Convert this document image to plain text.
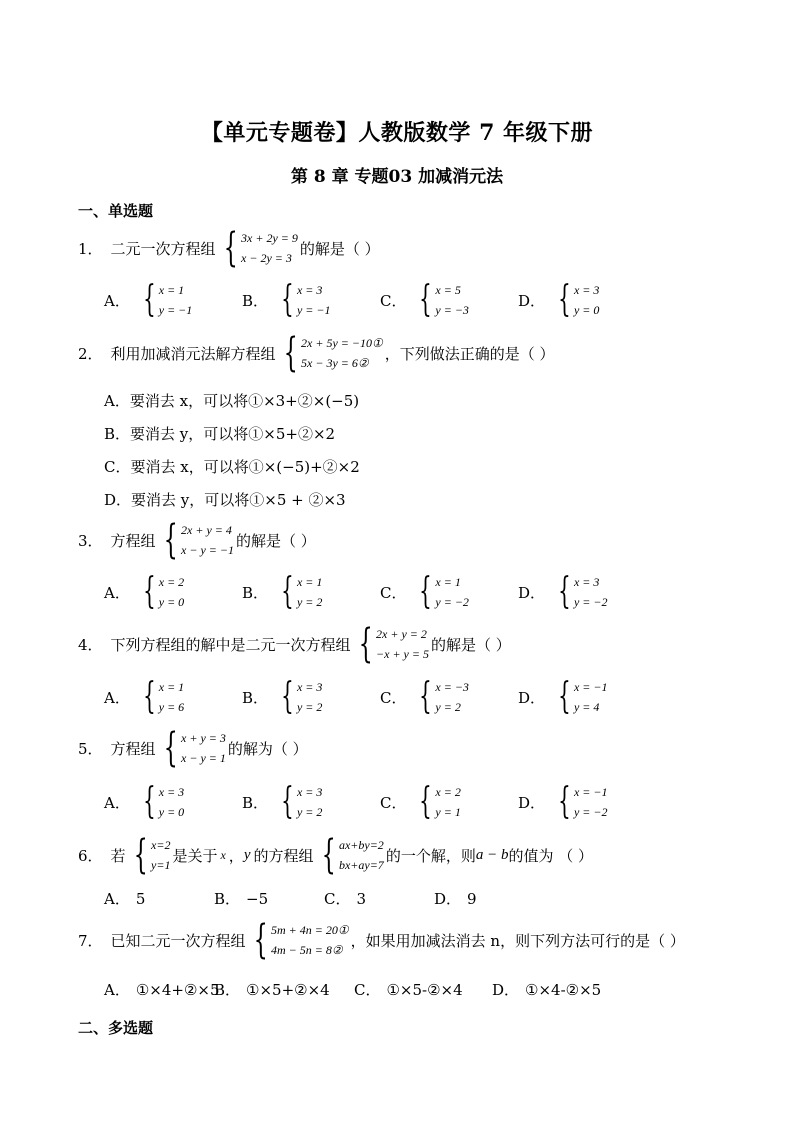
【单元专题卷】人教版数学 7 年级下册
第 8 章 专题03 加减消元法
一、单选题
1． 二元一次方程组 { 3x + 2y = 9
x − 2y = 3
的解是（ ）
A． { x = 1
y = −1
B． { x = 3
y = −1
C． { x = 5
y = −3
D． { x = 3
y = 0
2． 利用加减消元法解方程组 { 2x + 5y = −10①
5x − 3y = 6②
，下列做法正确的是（ ）
A．要消去 x，可以将①×3+②×(−5)
B．要消去 y，可以将①×5+②×2
C．要消去 x，可以将①×(−5)+②×2
D．要消去 y，可以将①×5 + ②×3
3． 方程组 { 2x + y = 4
x − y = −1
的解是（ ）
A． { x = 2
y = 0
B． { x = 1
y = 2
C． { x = 1
y = −2
D． { x = 3
y = −2
4． 下列方程组的解中是二元一次方程组 { 2x + y = 2
−x + y = 5
的解是（ ）
A． { x = 1
y = 6
B． { x = 3
y = 2
C． { x = −3
y = 2
D． { x = −1
y = 4
5． 方程组 { x + y = 3
x − y = 1
的解为（ ）
A． { x = 3
y = 0
B． { x = 3
y = 2
C． { x = 2
y = 1
D． { x = −1
y = −2
6． 若 { x=2
y=1
是关于 x ， y 的方程组 { ax+by=2
bx+ay=7
的一个解，则 a − b 的值为 （ ）
A． 5	B． −5	C． 3	D． 9
7． 已知二元一次方程组 { 5m + 4n = 20①
4m − 5n = 8②
，如果用加减法消去 n，则下列方法可行的是（ ）
A． ①×4+②×5
B． ①×5+②×4 C． ①×5-②×4 D． ①×4-②×5
二、多选题
